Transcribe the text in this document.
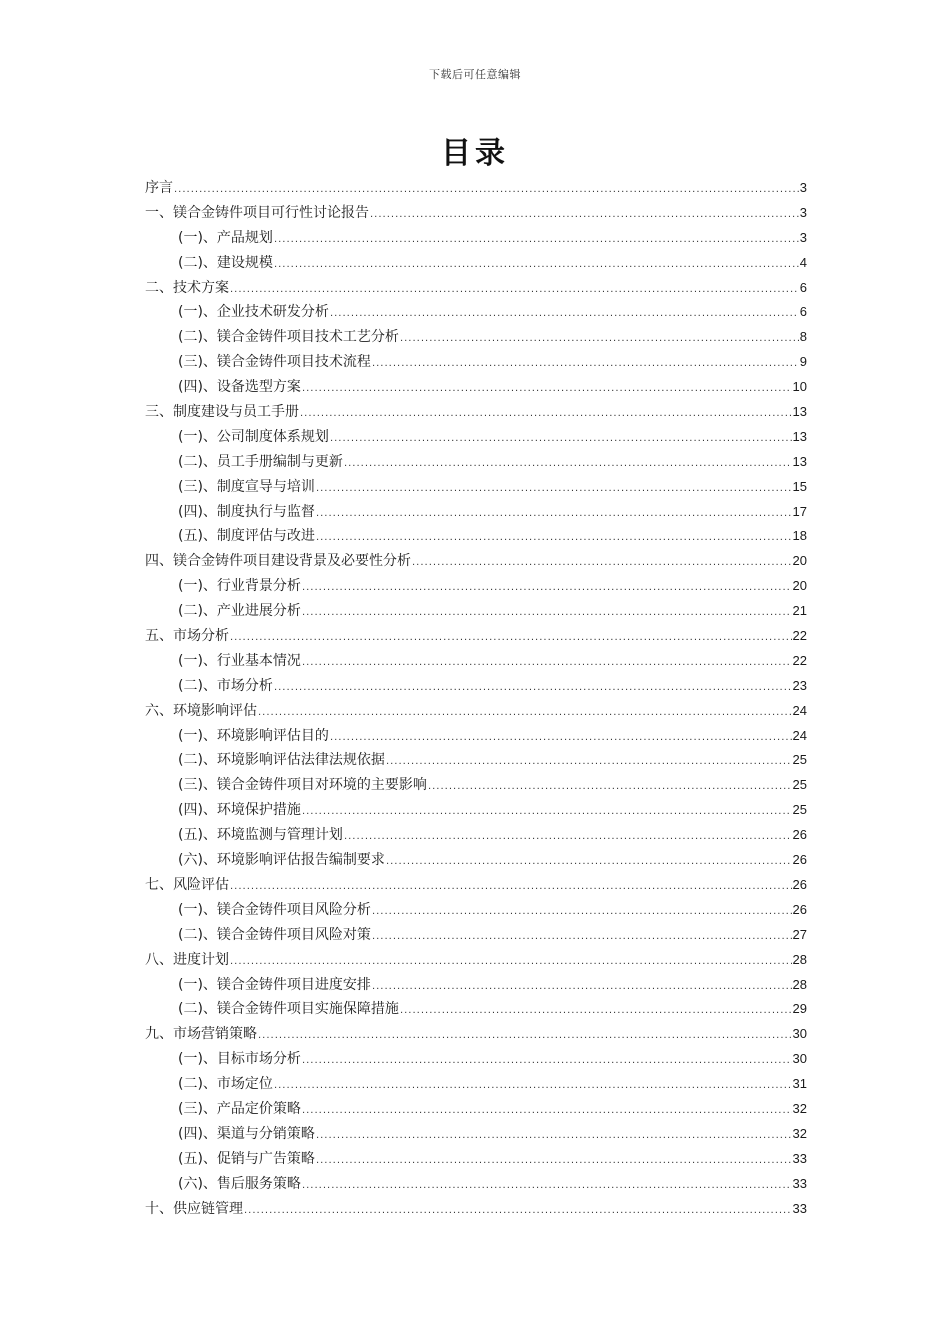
下载后可任意编辑
目录
序言 .....	3
一、镁合金铸件项目可行性讨论报告 .....	3
(一)、产品规划 .....	3
(二)、建设规模 .....	4
二、技术方案 .....	6
(一)、企业技术研发分析 .....	6
(二)、镁合金铸件项目技术工艺分析 .....	8
(三)、镁合金铸件项目技术流程 .....	9
(四)、设备选型方案 .....	10
三、制度建设与员工手册 .....	13
(一)、公司制度体系规划 .....	13
(二)、员工手册编制与更新 .....	13
(三)、制度宣导与培训 .....	15
(四)、制度执行与监督 .....	17
(五)、制度评估与改进 .....	18
四、镁合金铸件项目建设背景及必要性分析 .....	20
(一)、行业背景分析 .....	20
(二)、产业进展分析 .....	21
五、市场分析 .....	22
(一)、行业基本情况 .....	22
(二)、市场分析 .....	23
六、环境影响评估 .....	24
(一)、环境影响评估目的 .....	24
(二)、环境影响评估法律法规依据 .....	25
(三)、镁合金铸件项目对环境的主要影响 .....	25
(四)、环境保护措施 .....	25
(五)、环境监测与管理计划 .....	26
(六)、环境影响评估报告编制要求 .....	26
七、风险评估 .....	26
(一)、镁合金铸件项目风险分析 .....	26
(二)、镁合金铸件项目风险对策 .....	27
八、进度计划 .....	28
(一)、镁合金铸件项目进度安排 .....	28
(二)、镁合金铸件项目实施保障措施 .....	29
九、市场营销策略 .....	30
(一)、目标市场分析 .....	30
(二)、市场定位 .....	31
(三)、产品定价策略 .....	32
(四)、渠道与分销策略 .....	32
(五)、促销与广告策略 .....	33
(六)、售后服务策略 .....	33
十、供应链管理 .....	33
